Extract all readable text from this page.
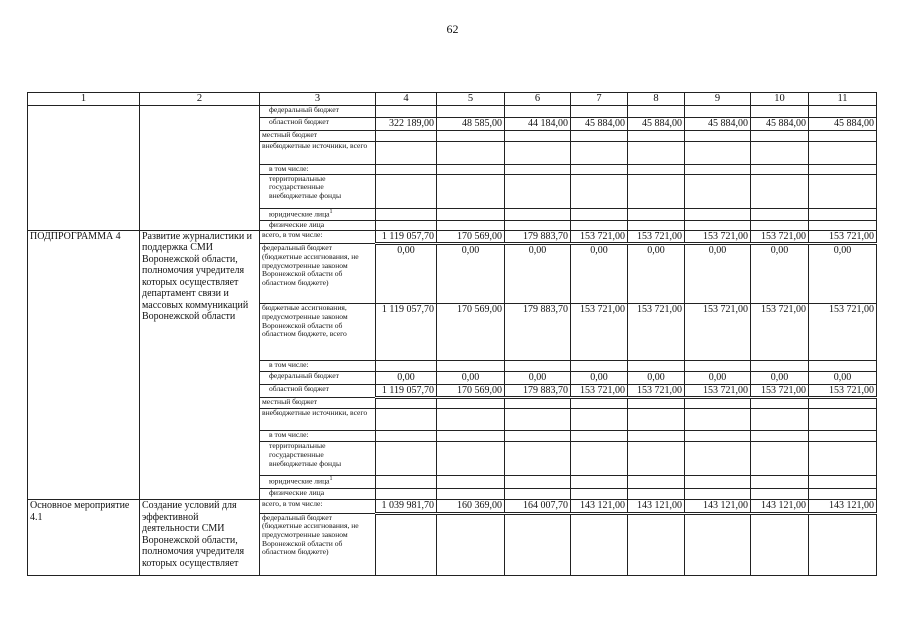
62
1	2	3	4	5	6	7	8	9	10	11
		федеральный бюджет								
		областной бюджет	322 189,00	48 585,00	44 184,00	45 884,00	45 884,00	45 884,00	45 884,00	45 884,00
		местный бюджет								
		внебюджетные источники, всего								
		в том числе:								
		территориальные государственные внебюджетные фонды								
		юридические лица$^1$								
		физические лица								
ПОДПРОГРАММА 4	Развитие журналистики и поддержка СМИ Воронежской области, полномочия учредителя которых осуществляет департамент связи и массовых коммуникаций Воронежской области	всего, в том числе:	1 119 057,70	170 569,00	179 883,70	153 721,00	153 721,00	153 721,00	153 721,00	153 721,00
		федеральный бюджет (бюджетные ассигнования, не предусмотренные законом Воронежской области об областном бюджете)	0,00	0,00	0,00	0,00	0,00	0,00	0,00	0,00
		бюджетные ассигнования, предусмотренные законом Воронежской области об областном бюджете, всего	1 119 057,70	170 569,00	179 883,70	153 721,00	153 721,00	153 721,00	153 721,00	153 721,00
		в том числе:								
		федеральный бюджет	0,00	0,00	0,00	0,00	0,00	0,00	0,00	0,00
		областной бюджет	1 119 057,70	170 569,00	179 883,70	153 721,00	153 721,00	153 721,00	153 721,00	153 721,00
		местный бюджет								
		внебюджетные источники, всего								
		в том числе:								
		территориальные государственные внебюджетные фонды								
		юридические лица$^1$								
		физические лица								
Основное мероприятие 4.1	Создание условий для эффективной деятельности СМИ Воронежской области, полномочия учредителя которых осуществляет	всего, в том числе:	1 039 981,70	160 369,00	164 007,70	143 121,00	143 121,00	143 121,00	143 121,00	143 121,00
		федеральный бюджет (бюджетные ассигнования, не предусмотренные законом Воронежской области об областном бюджете)								
